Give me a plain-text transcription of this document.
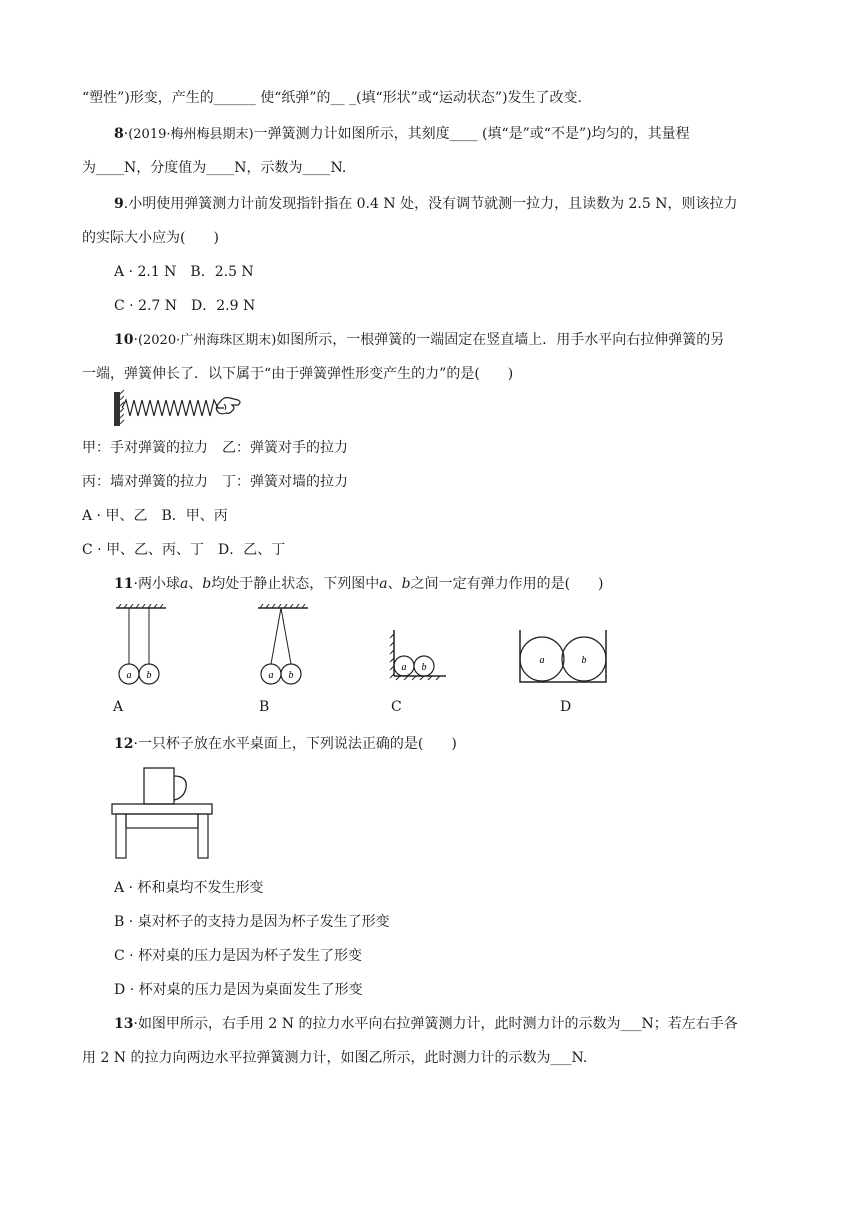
“塑性”)形变，产生的______ 使“纸弹”的__ _(填“形状”或“运动状态”)发生了改变.
8·(2019·梅州梅县期末)一弹簧测力计如图所示，其刻度____ (填“是”或“不是”)均匀的，其量程
为____N，分度值为____N，示数为____N.
9.小明使用弹簧测力计前发现指针指在 0.4 N 处，没有调节就测一拉力，且读数为 2.5 N，则该拉力
的实际大小应为(　　)
A · 2.1 N　B．2.5 N
C · 2.7 N　D．2.9 N
10·(2020·广州海珠区期末)如图所示，一根弹簧的一端固定在竖直墙上．用手水平向右拉伸弹簧的另
一端，弹簧伸长了．以下属于“由于弹簧弹性形变产生的力”的是(　　)
甲：手对弹簧的拉力　乙：弹簧对手的拉力
丙：墙对弹簧的拉力　丁：弹簧对墙的拉力
A · 甲、乙　B．甲、丙
C · 甲、乙、丙、丁　D．乙、丁
11·两小球a、b均处于静止状态，下列图中a、b之间一定有弹力作用的是(　　)
a b	a b
a b
a	b
A	B	C	D
12·一只杯子放在水平桌面上，下列说法正确的是(　　)
A · 杯和桌均不发生形变
B · 桌对杯子的支持力是因为杯子发生了形变
C · 杯对桌的压力是因为杯子发生了形变
D · 杯对桌的压力是因为桌面发生了形变
13·如图甲所示，右手用 2 N 的拉力水平向右拉弹簧测力计，此时测力计的示数为___N；若左右手各
用 2 N 的拉力向两边水平拉弹簧测力计，如图乙所示，此时测力计的示数为___N.
